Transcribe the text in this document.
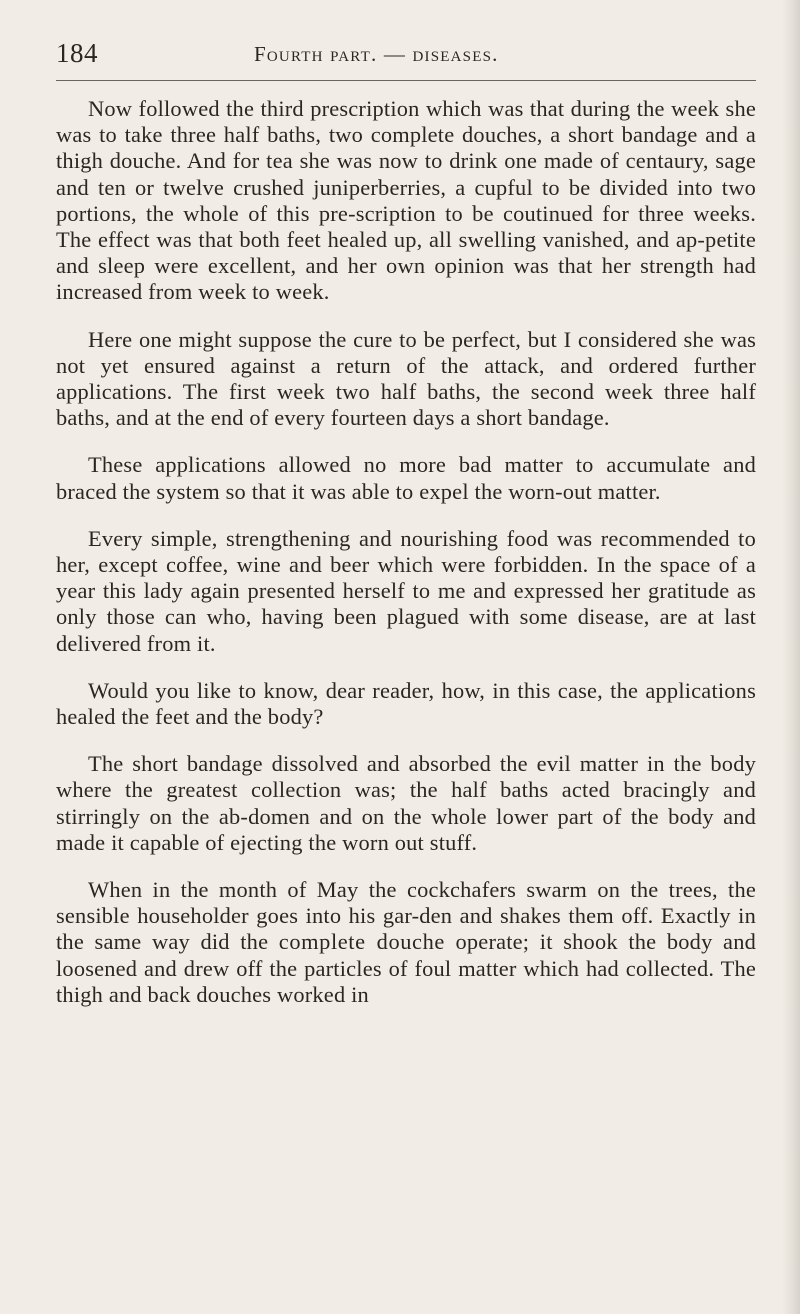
184	Fourth part. — diseases.

Now followed the third prescription which was that during the week she was to take three half baths, two complete douches, a short bandage and a thigh douche. And for tea she was now to drink one made of centaury, sage and ten or twelve crushed juniperberries, a cupful to be divided into two portions, the whole of this pre-scription to be coutinued for three weeks. The effect was that both feet healed up, all swelling vanished, and ap-petite and sleep were excellent, and her own opinion was that her strength had increased from week to week.

Here one might suppose the cure to be perfect, but I considered she was not yet ensured against a return of the attack, and ordered further applications. The first week two half baths, the second week three half baths, and at the end of every fourteen days a short bandage.

These applications allowed no more bad matter to accumulate and braced the system so that it was able to expel the worn-out matter.

Every simple, strengthening and nourishing food was recommended to her, except coffee, wine and beer which were forbidden. In the space of a year this lady again presented herself to me and expressed her gratitude as only those can who, having been plagued with some disease, are at last delivered from it.

Would you like to know, dear reader, how, in this case, the applications healed the feet and the body?

The short bandage dissolved and absorbed the evil matter in the body where the greatest collection was; the half baths acted bracingly and stirringly on the ab-domen and on the whole lower part of the body and made it capable of ejecting the worn out stuff.

When in the month of May the cockchafers swarm on the trees, the sensible householder goes into his gar-den and shakes them off. Exactly in the same way did the complete douche operate; it shook the body and loosened and drew off the particles of foul matter which had collected. The thigh and back douches worked in
